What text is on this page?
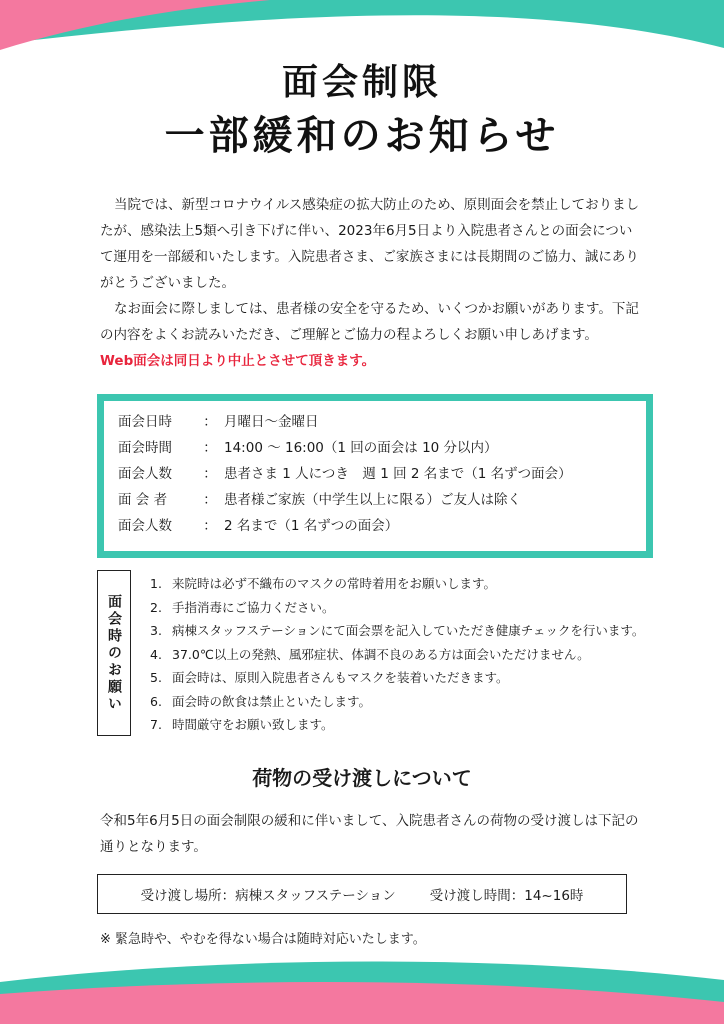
面会制限
一部緩和のお知らせ

当院では、新型コロナウイルス感染症の拡大防止のため、原則面会を禁止しておりましたが、感染法上5類へ引き下げに伴い、2023年6月5日より入院患者さんとの面会について運用を一部緩和いたします。入院患者さま、ご家族さまには長期間のご協力、誠にありがとうございました。

なお面会に際しましては、患者様の安全を守るため、いくつかお願いがあります。下記の内容をよくお読みいただき、ご理解とご協力の程よろしくお願い申しあげます。

Web面会は同日より中止とさせて頂きます。

面会日時	： 月曜日～金曜日
面会時間	： 14:00 ～ 16:00（1 回の面会は 10 分以内）
面会人数	： 患者さま 1 人につき　週 1 回 2 名まで（1 名ずつ面会）
面 会 者	： 患者様ご家族（中学生以上に限る）ご友人は除く
面会人数	： 2 名まで（1 名ずつの面会）
面会時のお願い
1. 来院時は必ず不織布のマスクの常時着用をお願いします。
2. 手指消毒にご協力ください。
3. 病棟スタッフステーションにて面会票を記入していただき健康チェックを行います。
4. 37.0℃以上の発熱、風邪症状、体調不良のある方は面会いただけません。
5. 面会時は、原則入院患者さんもマスクを装着いただきます。
6. 面会時の飲食は禁止といたします。
7. 時間厳守をお願い致します。
荷物の受け渡しについて

令和5年6月5日の面会制限の緩和に伴いまして、入院患者さんの荷物の受け渡しは下記の通りとなります。

受け渡し場所：病棟スタッフステーション	受け渡し時間：14~16時
※ 緊急時や、やむを得ない場合は随時対応いたします。
